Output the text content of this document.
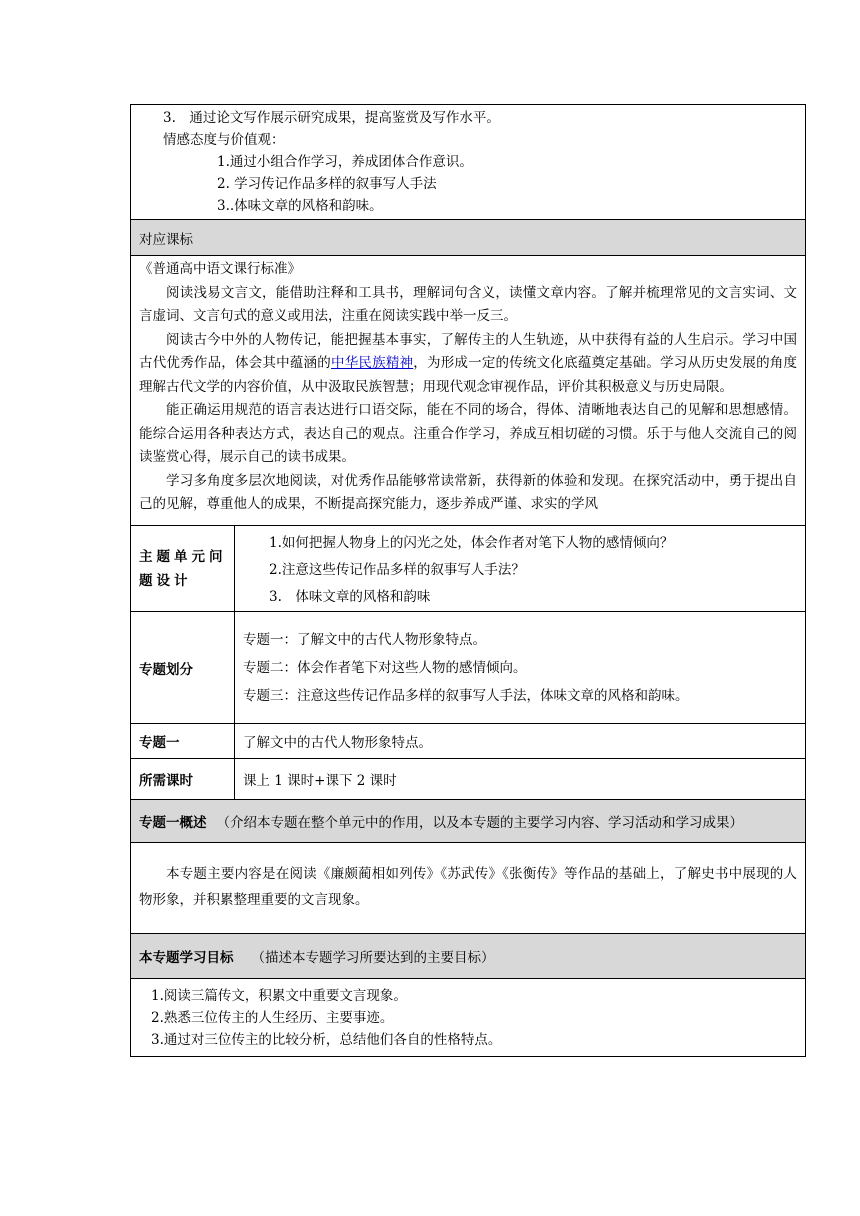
3.　通过论文写作展示研究成果，提高鉴赏及写作水平。
情感态度与价值观：
1.通过小组合作学习，养成团体合作意识。
2. 学习传记作品多样的叙事写人手法
3..体味文章的风格和韵味。
对应课标
《普通高中语文课行标准》
阅读浅易文言文，能借助注释和工具书，理解词句含义，读懂文章内容。了解并梳理常见的文言实词、文言虚词、文言句式的意义或用法，注重在阅读实践中举一反三。
阅读古今中外的人物传记，能把握基本事实，了解传主的人生轨迹，从中获得有益的人生启示。学习中国古代优秀作品，体会其中蕴涵的中华民族精神，为形成一定的传统文化底蕴奠定基础。学习从历史发展的角度理解古代文学的内容价值，从中汲取民族智慧；用现代观念审视作品，评价其积极意义与历史局限。
能正确运用规范的语言表达进行口语交际，能在不同的场合，得体、清晰地表达自己的见解和思想感情。能综合运用各种表达方式，表达自己的观点。注重合作学习，养成互相切磋的习惯。乐于与他人交流自己的阅读鉴赏心得，展示自己的读书成果。
学习多角度多层次地阅读，对优秀作品能够常读常新，获得新的体验和发现。在探究活动中，勇于提出自己的见解，尊重他人的成果，不断提高探究能力，逐步养成严谨、求实的学风
主题单元问题设计
1.如何把握人物身上的闪光之处，体会作者对笔下人物的感情倾向？
2.注意这些传记作品多样的叙事写人手法？
3.　体味文章的风格和韵味
专题划分
专题一：了解文中的古代人物形象特点。
专题二：体会作者笔下对这些人物的感情倾向。
专题三：注意这些传记作品多样的叙事写人手法，体味文章的风格和韵味。
专题一	了解文中的古代人物形象特点。
所需课时	课上 1 课时+课下 2 课时
专题一概述 （介绍本专题在整个单元中的作用，以及本专题的主要学习内容、学习活动和学习成果）
本专题主要内容是在阅读《廉颇蔺相如列传》《苏武传》《张衡传》等作品的基础上，了解史书中展现的人物形象，并积累整理重要的文言现象。
本专题学习目标 （描述本专题学习所要达到的主要目标）
1.阅读三篇传文，积累文中重要文言现象。
2.熟悉三位传主的人生经历、主要事迹。
3.通过对三位传主的比较分析，总结他们各自的性格特点。
